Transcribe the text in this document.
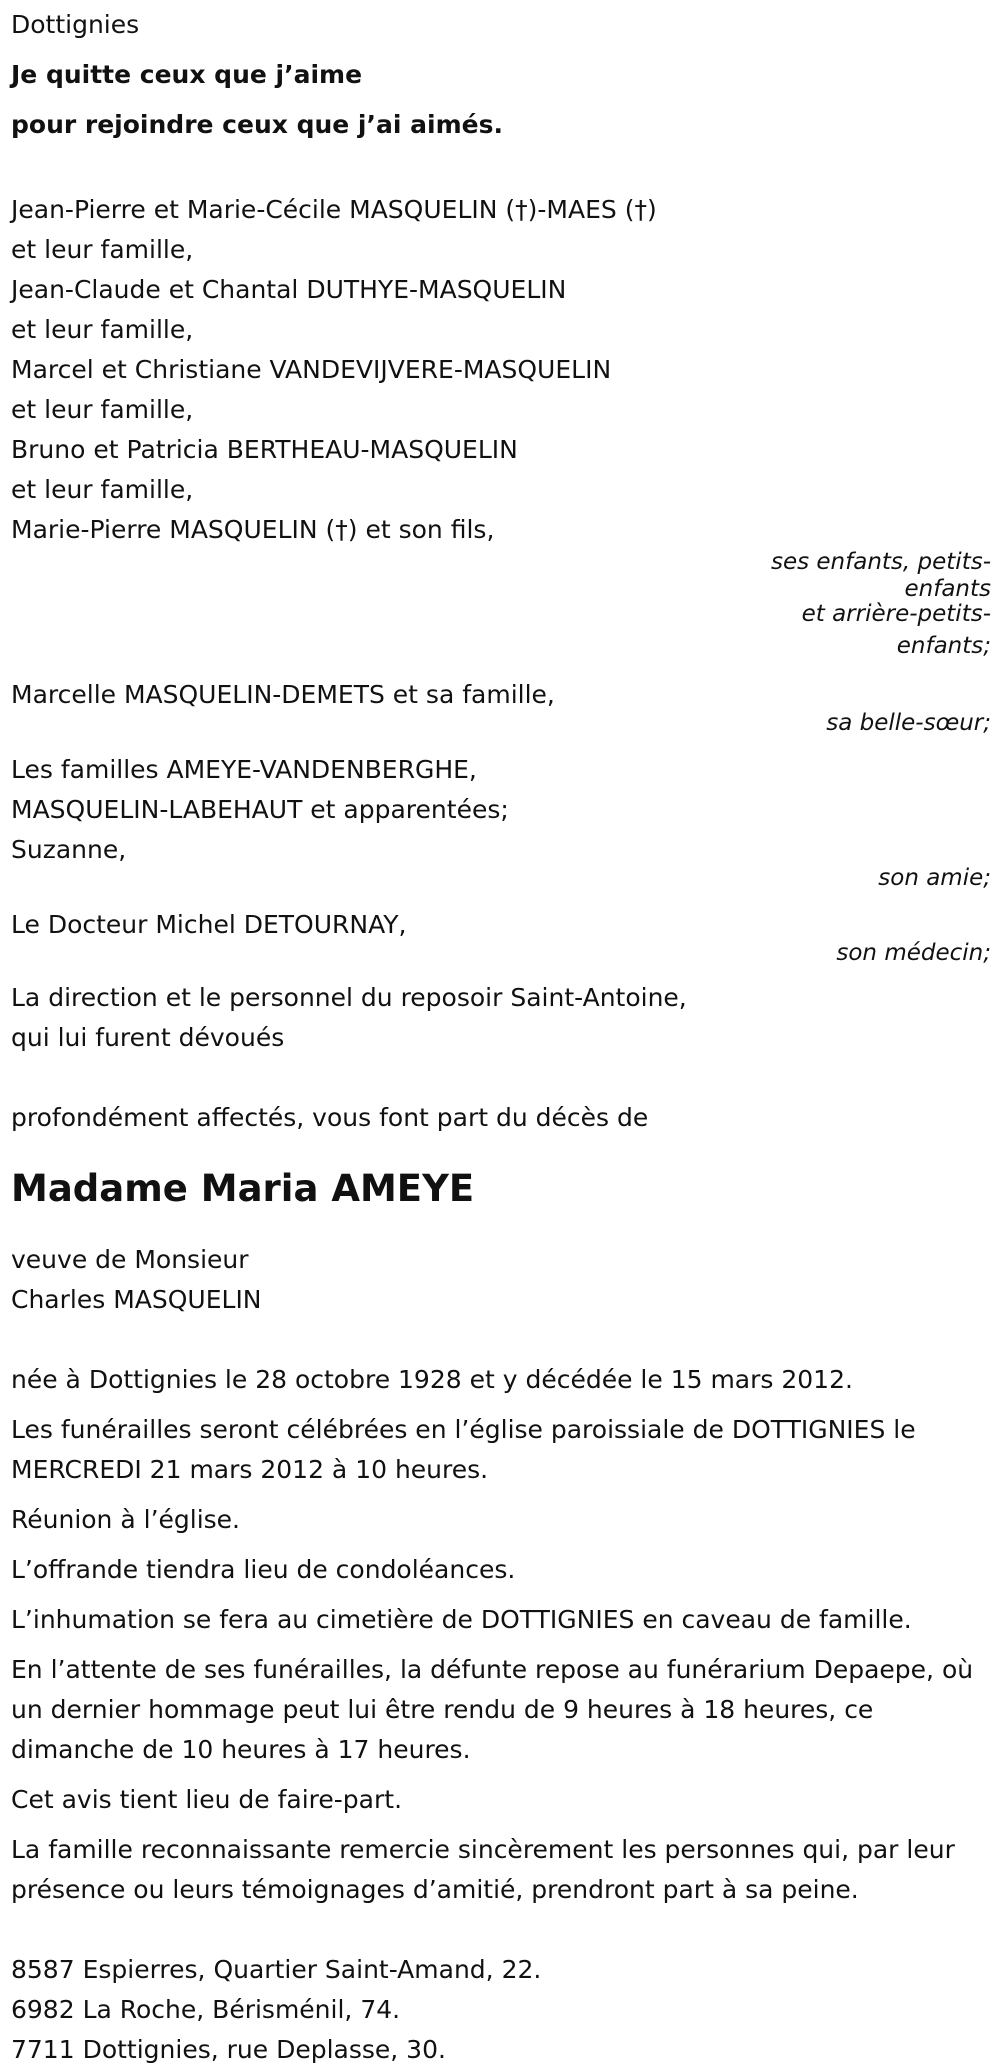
Dottignies

Je quitte ceux que j’aime

pour rejoindre ceux que j’ai aimés.

Jean-Pierre et Marie-Cécile MASQUELIN (†)-MAES (†)

et leur famille,

Jean-Claude et Chantal DUTHYE-MASQUELIN

et leur famille,

Marcel et Christiane VANDEVIJVERE-MASQUELIN

et leur famille,

Bruno et Patricia BERTHEAU-MASQUELIN

et leur famille,

Marie-Pierre MASQUELIN (†) et son fils,

ses enfants, petits-

enfants

et arrière-petits-

enfants;

Marcelle MASQUELIN-DEMETS et sa famille,

sa belle-sœur;

Les familles AMEYE-VANDENBERGHE,

MASQUELIN-LABEHAUT et apparentées;

Suzanne,

son amie;

Le Docteur Michel DETOURNAY,

son médecin;

La direction et le personnel du reposoir Saint-Antoine,

qui lui furent dévoués

profondément affectés, vous font part du décès de

Madame Maria AMEYE

veuve de Monsieur

Charles MASQUELIN

née à Dottignies le 28 octobre 1928 et y décédée le 15 mars 2012.

Les funérailles seront célébrées en l’église paroissiale de DOTTIGNIES le MERCREDI 21 mars 2012 à 10 heures.

Réunion à l’église.

L’offrande tiendra lieu de condoléances.

L’inhumation se fera au cimetière de DOTTIGNIES en caveau de famille.

En l’attente de ses funérailles, la défunte repose au funérarium Depaepe, où un dernier hommage peut lui être rendu de 9 heures à 18 heures, ce dimanche de 10 heures à 17 heures.

Cet avis tient lieu de faire-part.

La famille reconnaissante remercie sincèrement les personnes qui, par leur présence ou leurs témoignages d’amitié, prendront part à sa peine.

8587 Espierres, Quartier Saint-Amand, 22.

6982 La Roche, Bérisménil, 74.

7711 Dottignies, rue Deplasse, 30.
